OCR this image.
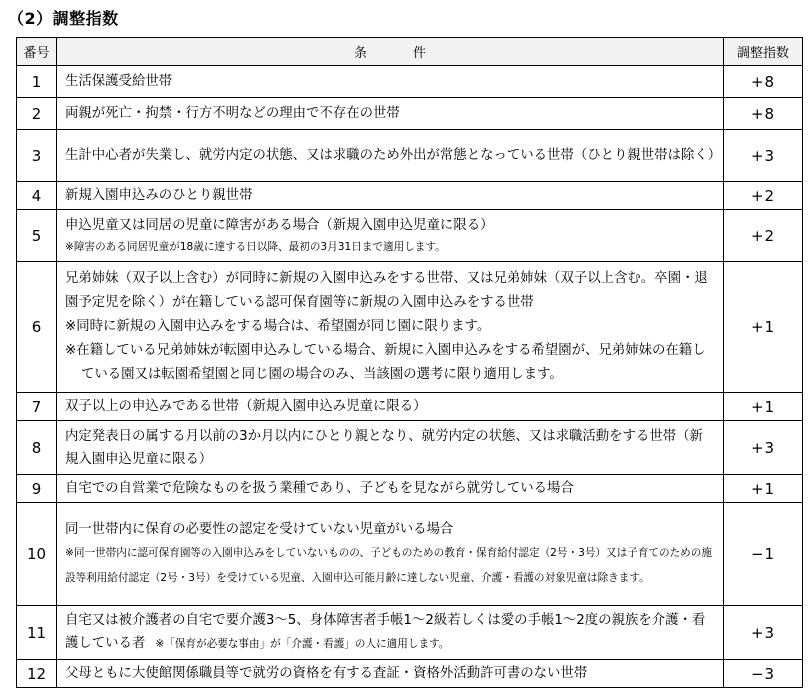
（2）調整指数
番号	条件	調整指数
1	生活保護受給世帯	+8
2	両親が死亡・拘禁・行方不明などの理由で不存在の世帯	+8
3	生計中心者が失業し、就労内定の状態、又は求職のため外出が常態となっている世帯（ひとり親世帯は除く）	+3
4	新規入園申込みのひとり親世帯	+2
5	申込児童又は同居の児童に障害がある場合（新規入園申込児童に限る）
※障害のある同居児童が18歳に達する日以降、最初の3月31日まで適用します。	+2
6	兄弟姉妹（双子以上含む）が同時に新規の入園申込みをする世帯、又は兄弟姉妹（双子以上含む。卒園・退園予定児を除く）が在籍している認可保育園等に新規の入園申込みをする世帯
※同時に新規の入園申込みをする場合は、希望園が同じ園に限ります。
※在籍している兄弟姉妹が転園申込みしている場合、新規に入園申込みをする希望園が、兄弟姉妹の在籍している園又は転園希望園と同じ園の場合のみ、当該園の選考に限り適用します。	+1
7	双子以上の申込みである世帯（新規入園申込み児童に限る）	+1
8	内定発表日の属する月以前の3か月以内にひとり親となり、就労内定の状態、又は求職活動をする世帯（新規入園申込児童に限る）	+3
9	自宅での自営業で危険なものを扱う業種であり、子どもを見ながら就労している場合	+1
10	同一世帯内に保育の必要性の認定を受けていない児童がいる場合
※同一世帯内に認可保育園等の入園申込みをしていないものの、子どものための教育・保育給付認定（2号・3号）又は子育てのための施設等利用給付認定（2号・3号）を受けている児童、入園申込可能月齢に達しない児童、介護・看護の対象児童は除きます。	−1
11	自宅又は被介護者の自宅で要介護3～5、身体障害者手帳1～2級若しくは愛の手帳1～2度の親族を介護・看護している者 ※「保育が必要な事由」が「介護・看護」の人に適用します。	+3
12	父母ともに大使館関係職員等で就労の資格を有する査証・資格外活動許可書のない世帯	−3
